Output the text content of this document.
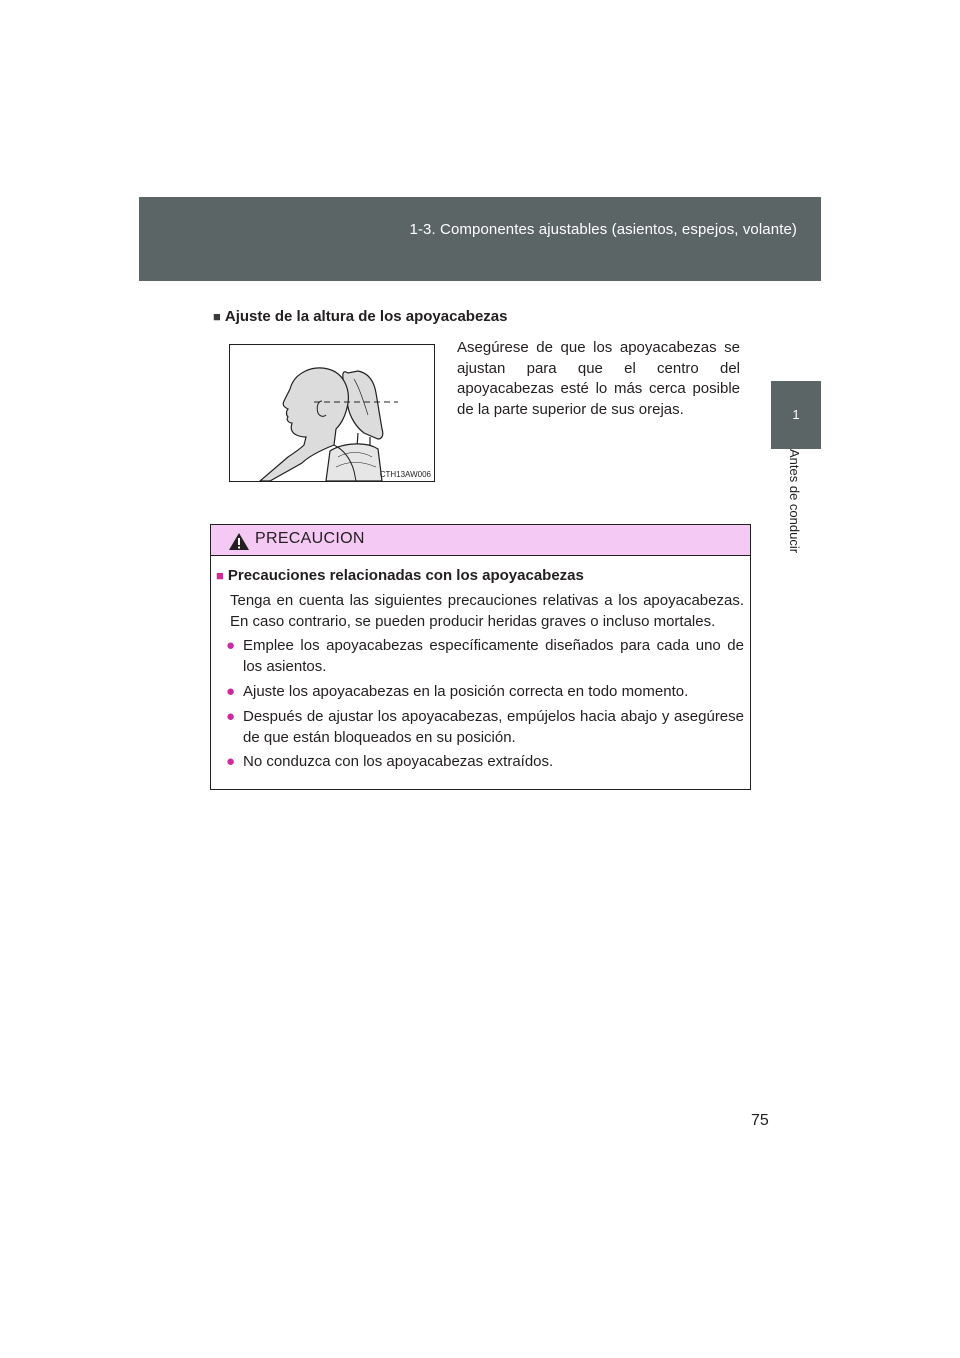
1-3. Componentes ajustables (asientos, espejos, volante)
1
Antes de conducir
■ Ajuste de la altura de los apoyacabezas
CTH13AW006
Asegúrese de que los apoyacabezas se ajustan para que el centro del apoyacabezas esté lo más cerca posible de la parte superior de sus orejas.
PRECAUCION
■ Precauciones relacionadas con los apoyacabezas
Tenga en cuenta las siguientes precauciones relativas a los apoyacabezas. En caso contrario, se pueden producir heridas graves o incluso mortales.
● Emplee los apoyacabezas específicamente diseñados para cada uno de los asientos.
● Ajuste los apoyacabezas en la posición correcta en todo momento.
● Después de ajustar los apoyacabezas, empújelos hacia abajo y asegúrese de que están bloqueados en su posición.
● No conduzca con los apoyacabezas extraídos.
75
